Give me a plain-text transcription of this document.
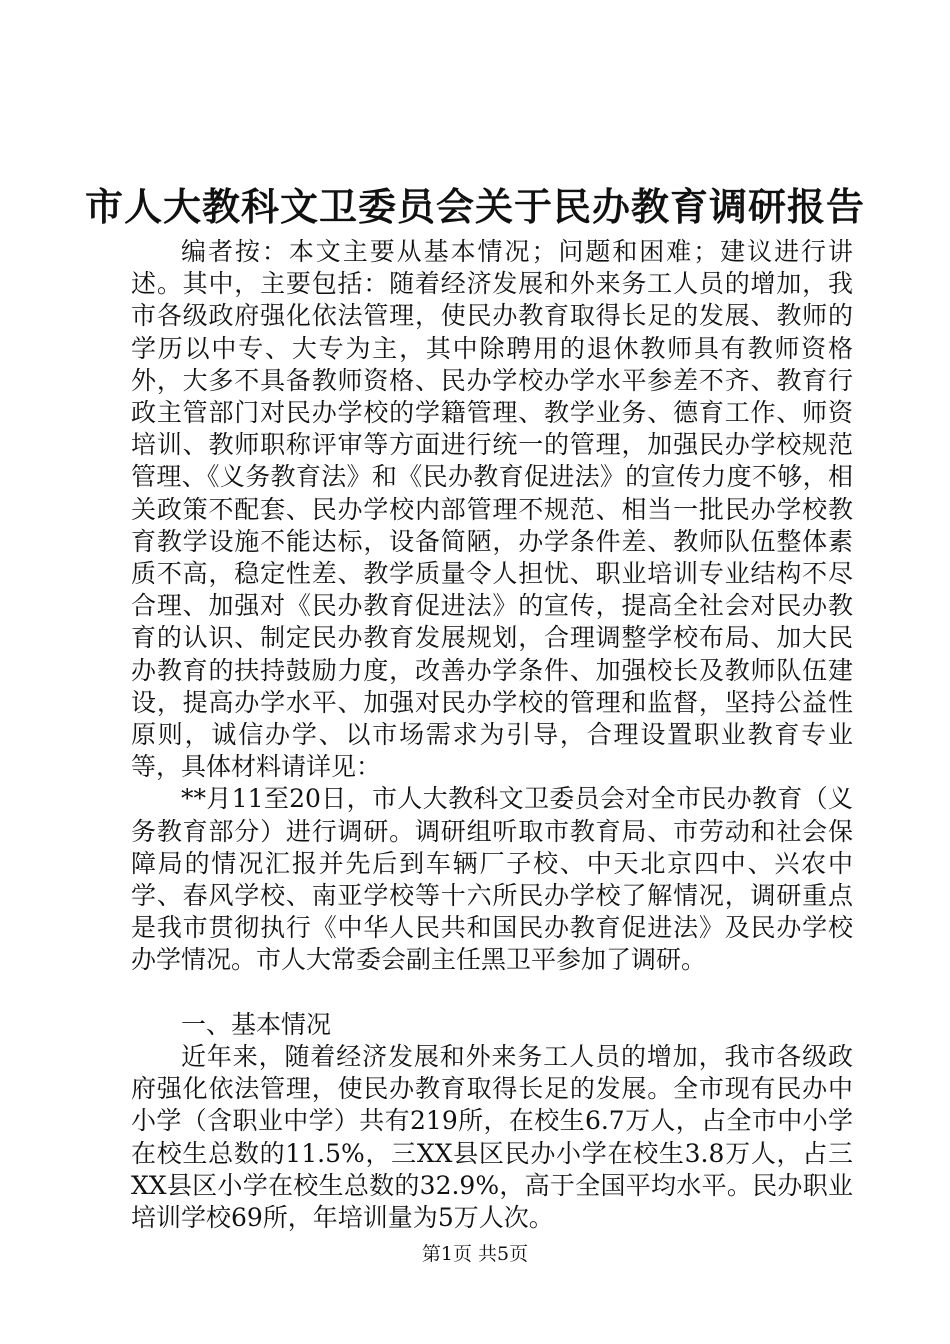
市人大教科文卫委员会关于民办教育调研报告

编者按：本文主要从基本情况；问题和困难；建议进行讲述。其中，主要包括：随着经济发展和外来务工人员的增加，我市各级政府强化依法管理，使民办教育取得长足的发展、教师的学历以中专、大专为主，其中除聘用的退休教师具有教师资格外，大多不具备教师资格、民办学校办学水平参差不齐、教育行政主管部门对民办学校的学籍管理、教学业务、德育工作、师资培训、教师职称评审等方面进行统一的管理，加强民办学校规范管理、《义务教育法》和《民办教育促进法》的宣传力度不够，相关政策不配套、民办学校内部管理不规范、相当一批民办学校教育教学设施不能达标，设备简陋，办学条件差、教师队伍整体素质不高，稳定性差、教学质量令人担忧、职业培训专业结构不尽合理、加强对《民办教育促进法》的宣传，提高全社会对民办教育的认识、制定民办教育发展规划，合理调整学校布局、加大民办教育的扶持鼓励力度，改善办学条件、加强校长及教师队伍建设，提高办学水平、加强对民办学校的管理和监督，坚持公益性原则，诚信办学、以市场需求为引导，合理设置职业教育专业等，具体材料请详见：

**月11至20日，市人大教科文卫委员会对全市民办教育（义务教育部分）进行调研。调研组听取市教育局、市劳动和社会保障局的情况汇报并先后到车辆厂子校、中天北京四中、兴农中学、春风学校、南亚学校等十六所民办学校了解情况，调研重点是我市贯彻执行《中华人民共和国民办教育促进法》及民办学校办学情况。市人大常委会副主任黑卫平参加了调研。

一、基本情况

近年来，随着经济发展和外来务工人员的增加，我市各级政府强化依法管理，使民办教育取得长足的发展。全市现有民办中小学（含职业中学）共有219所，在校生6.7万人，占全市中小学在校生总数的11.5%，三XX县区民办小学在校生3.8万人，占三XX县区小学在校生总数的32.9%，高于全国平均水平。民办职业培训学校69所，年培训量为5万人次。

第1页 共5页
